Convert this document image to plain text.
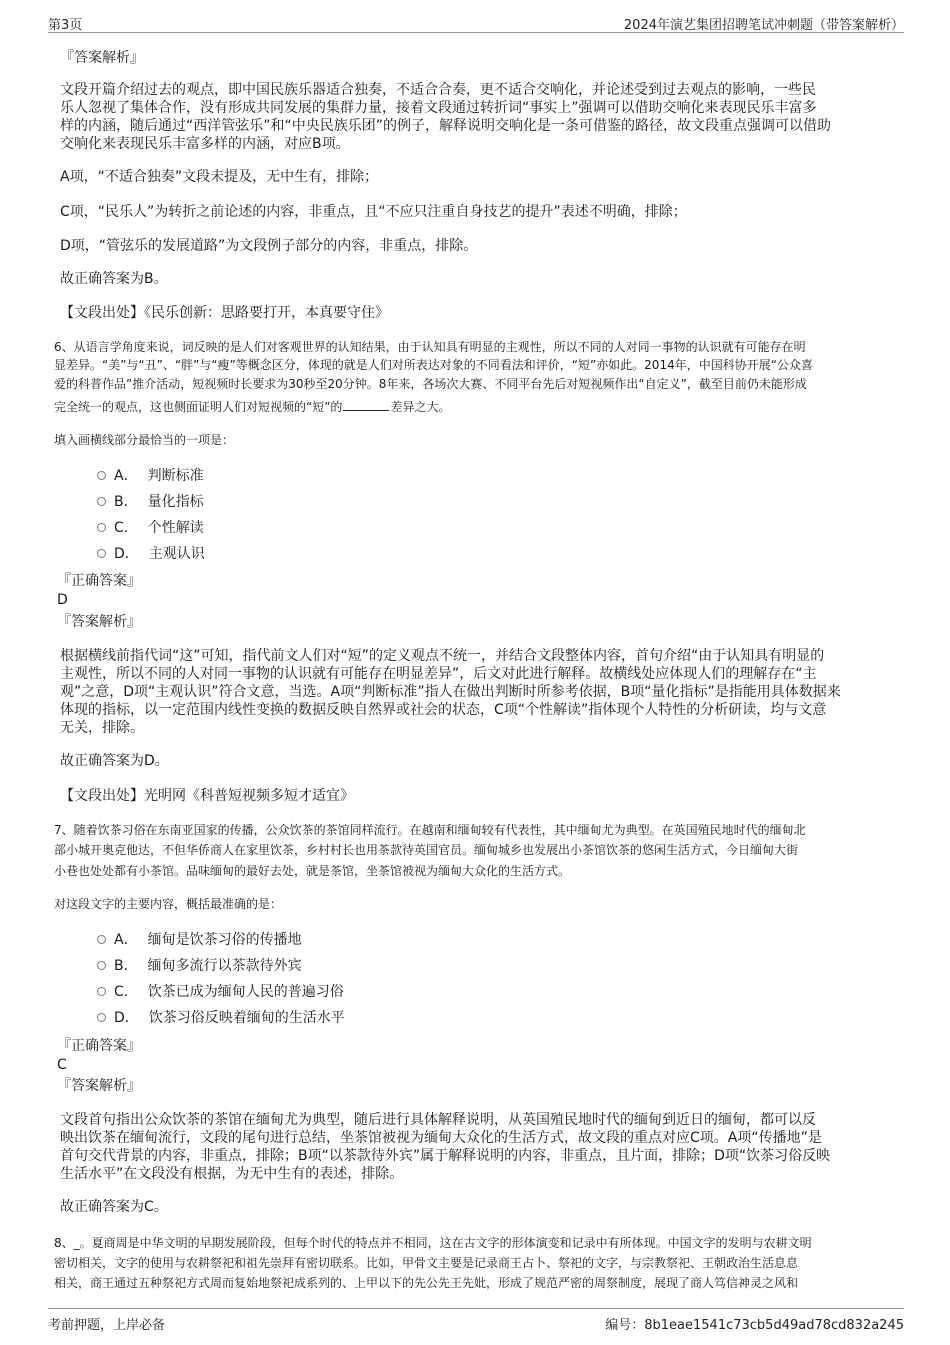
第3页	2024年演艺集团招聘笔试冲刺题（带答案解析）
『答案解析』
文段开篇介绍过去的观点，即中国民族乐器适合独奏，不适合合奏，更不适合交响化，并论述受到过去观点的影响，一些民
乐人忽视了集体合作，没有形成共同发展的集群力量，接着文段通过转折词“事实上”强调可以借助交响化来表现民乐丰富多
样的内涵，随后通过“西洋管弦乐”和“中央民族乐团”的例子，解释说明交响化是一条可借鉴的路径，故文段重点强调可以借助
交响化来表现民乐丰富多样的内涵，对应B项。
A项，“不适合独奏”文段未提及，无中生有，排除；
C项，“民乐人”为转折之前论述的内容，非重点，且“不应只注重自身技艺的提升”表述不明确，排除；
D项，“管弦乐的发展道路”为文段例子部分的内容，非重点，排除。
故正确答案为B。
【文段出处】《民乐创新：思路要打开，本真要守住》
6、从语言学角度来说，词反映的是人们对客观世界的认知结果，由于认知具有明显的主观性，所以不同的人对同一事物的认识就有可能存在明
显差异。“美”与“丑”、“胖”与“瘦”等概念区分，体现的就是人们对所表达对象的不同看法和评价，“短”亦如此。2014年，中国科协开展“公众喜
爱的科普作品”推介活动，短视频时长要求为30秒至20分钟。8年来，各场次大赛、不同平台先后对短视频作出“自定义”，截至目前仍未能形成
完全统一的观点，这也侧面证明人们对短视频的“短”的	差异之大。
填入画横线部分最恰当的一项是：
A． 判断标准
B． 量化指标
C． 个性解读
D． 主观认识
『正确答案』
D
『答案解析』
根据横线前指代词“这”可知，指代前文人们对“短”的定义观点不统一，并结合文段整体内容，首句介绍“由于认知具有明显的
主观性，所以不同的人对同一事物的认识就有可能存在明显差异”，后文对此进行解释。故横线处应体现人们的理解存在“主
观”之意，D项“主观认识”符合文意，当选。A项“判断标准”指人在做出判断时所参考依据，B项“量化指标”是指能用具体数据来
体现的指标，以一定范围内线性变换的数据反映自然界或社会的状态，C项“个性解读”指体现个人特性的分析研读，均与文意
无关，排除。
故正确答案为D。
【文段出处】光明网《科普短视频多短才适宜》
7、随着饮茶习俗在东南亚国家的传播，公众饮茶的茶馆同样流行。在越南和缅甸较有代表性，其中缅甸尤为典型。在英国殖民地时代的缅甸北
部小城开奥克他达，不但华侨商人在家里饮茶，乡村村长也用茶款待英国官员。缅甸城乡也发展出小茶馆饮茶的悠闲生活方式，今日缅甸大街
小巷也处处都有小茶馆。品味缅甸的最好去处，就是茶馆，坐茶馆被视为缅甸大众化的生活方式。
对这段文字的主要内容，概括最准确的是：
A． 缅甸是饮茶习俗的传播地
B． 缅甸多流行以茶款待外宾
C． 饮茶已成为缅甸人民的普遍习俗
D． 饮茶习俗反映着缅甸的生活水平
『正确答案』
C
『答案解析』
文段首句指出公众饮茶的茶馆在缅甸尤为典型，随后进行具体解释说明，从英国殖民地时代的缅甸到近日的缅甸，都可以反
映出饮茶在缅甸流行，文段的尾句进行总结，坐茶馆被视为缅甸大众化的生活方式，故文段的重点对应C项。A项“传播地”是
首句交代背景的内容，非重点，排除；B项“以茶款待外宾”属于解释说明的内容，非重点，且片面，排除；D项“饮茶习俗反映
生活水平”在文段没有根据，为无中生有的表述，排除。
故正确答案为C。
8、_。夏商周是中华文明的早期发展阶段，但每个时代的特点并不相同，这在古文字的形体演变和记录中有所体现。中国文字的发明与农耕文明
密切相关，文字的使用与农耕祭祀和祖先崇拜有密切联系。比如，甲骨文主要是记录商王占卜、祭祀的文字，与宗教祭祀、王朝政治生活息息
相关，商王通过五种祭祀方式周而复始地祭祀成系列的、上甲以下的先公先王先妣，形成了规范严密的周祭制度，展现了商人笃信神灵之风和
考前押题，上岸必备	编号：8b1eae1541c73cb5d49ad78cd832a245
